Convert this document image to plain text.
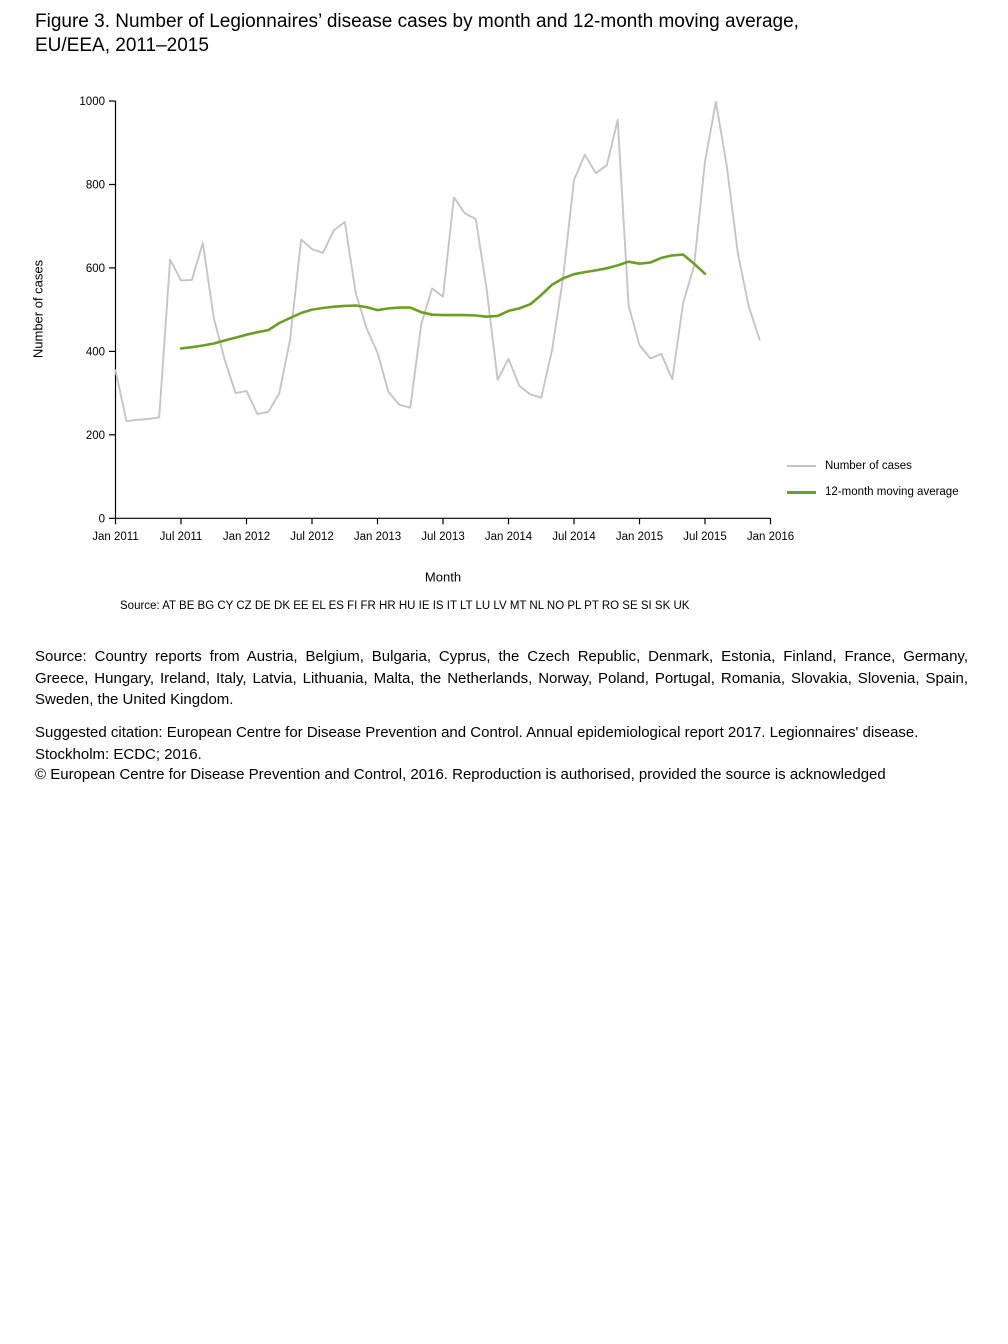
Figure 3. Number of Legionnaires’ disease cases by month and 12-month moving average,
EU/EEA, 2011–2015
0
200
400
600
800
1000
Jan 2011 Jul 2011 Jan 2012 Jul 2012 Jan 2013 Jul 2013 Jan 2014 Jul 2014 Jan 2015 Jul 2015 Jan 2016
Number of cases
Month
Source: AT BE BG CY CZ DE DK EE EL ES FI FR HR HU IE IS IT LT LU LV MT NL NO PL PT RO SE SI SK UK
Number of cases
12-month moving average
Source: Country reports from Austria, Belgium, Bulgaria, Cyprus, the Czech Republic, Denmark, Estonia, Finland, France, Germany, Greece, Hungary, Ireland, Italy, Latvia, Lithuania, Malta, the Netherlands, Norway, Poland, Portugal, Romania, Slovakia, Slovenia, Spain, Sweden, the United Kingdom.
Suggested citation: European Centre for Disease Prevention and Control. Annual epidemiological report 2017. Legionnaires' disease.
Stockholm: ECDC; 2016.
© European Centre for Disease Prevention and Control, 2016. Reproduction is authorised, provided the source is acknowledged
